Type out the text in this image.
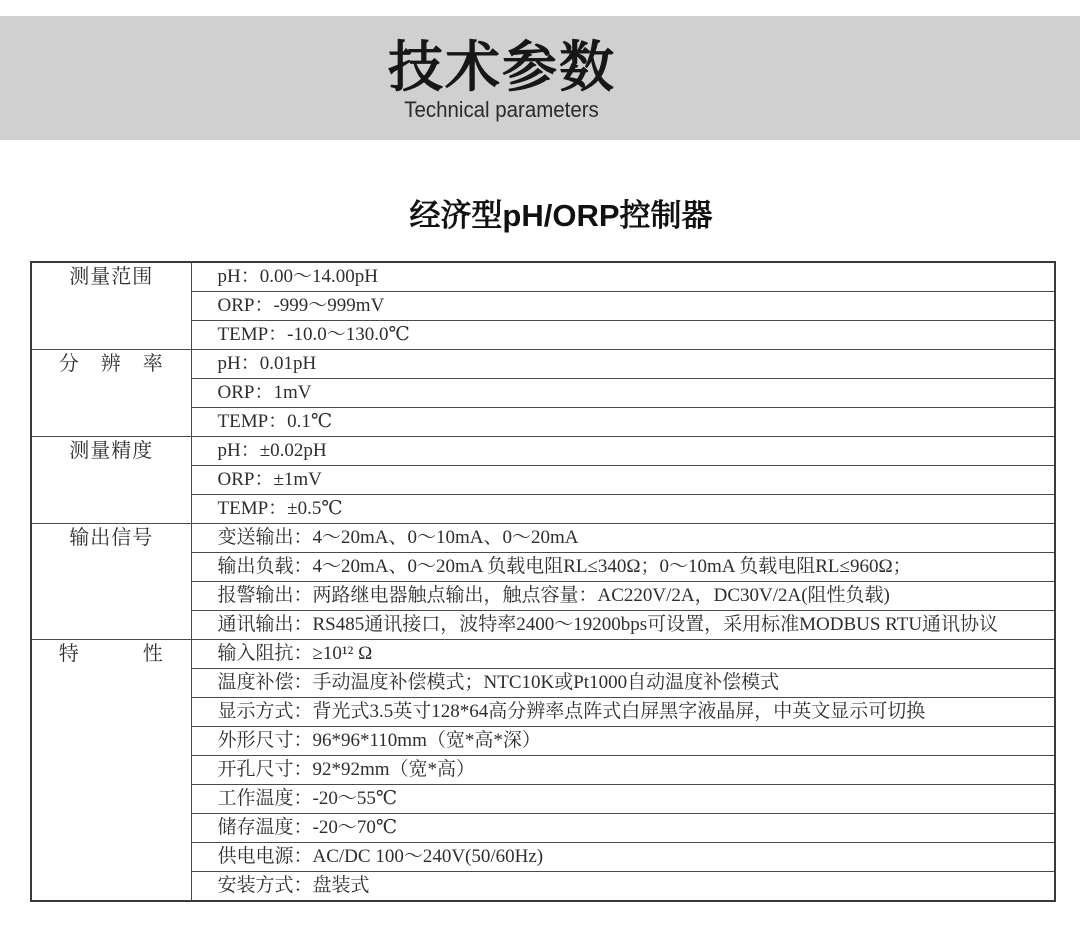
技术参数
Technical parameters
经济型pH/ORP控制器
测量范围	pH：0.00～14.00pH
	ORP：-999～999mV
	TEMP：-10.0～130.0℃
分　辨　率	pH：0.01pH
	ORP：1mV
	TEMP：0.1℃
测量精度	pH：±0.02pH
	ORP：±1mV
	TEMP：±0.5℃
输出信号	变送输出：4～20mA、0～10mA、0～20mA
	输出负载：4～20mA、0～20mA 负载电阻RL≤340Ω；0～10mA 负载电阻RL≤960Ω；
	报警输出：两路继电器触点输出，触点容量：AC220V/2A，DC30V/2A(阻性负载)
	通讯输出：RS485通讯接口，波特率2400～19200bps可设置，采用标准MODBUS RTU通讯协议
特　　　性	输入阻抗：≥10¹² Ω
	温度补偿：手动温度补偿模式；NTC10K或Pt1000自动温度补偿模式
	显示方式：背光式3.5英寸128*64高分辨率点阵式白屏黑字液晶屏，中英文显示可切换
	外形尺寸：96*96*110mm（宽*高*深）
	开孔尺寸：92*92mm（宽*高）
	工作温度：-20～55℃
	储存温度：-20～70℃
	供电电源：AC/DC 100～240V(50/60Hz)
	安装方式：盘装式
